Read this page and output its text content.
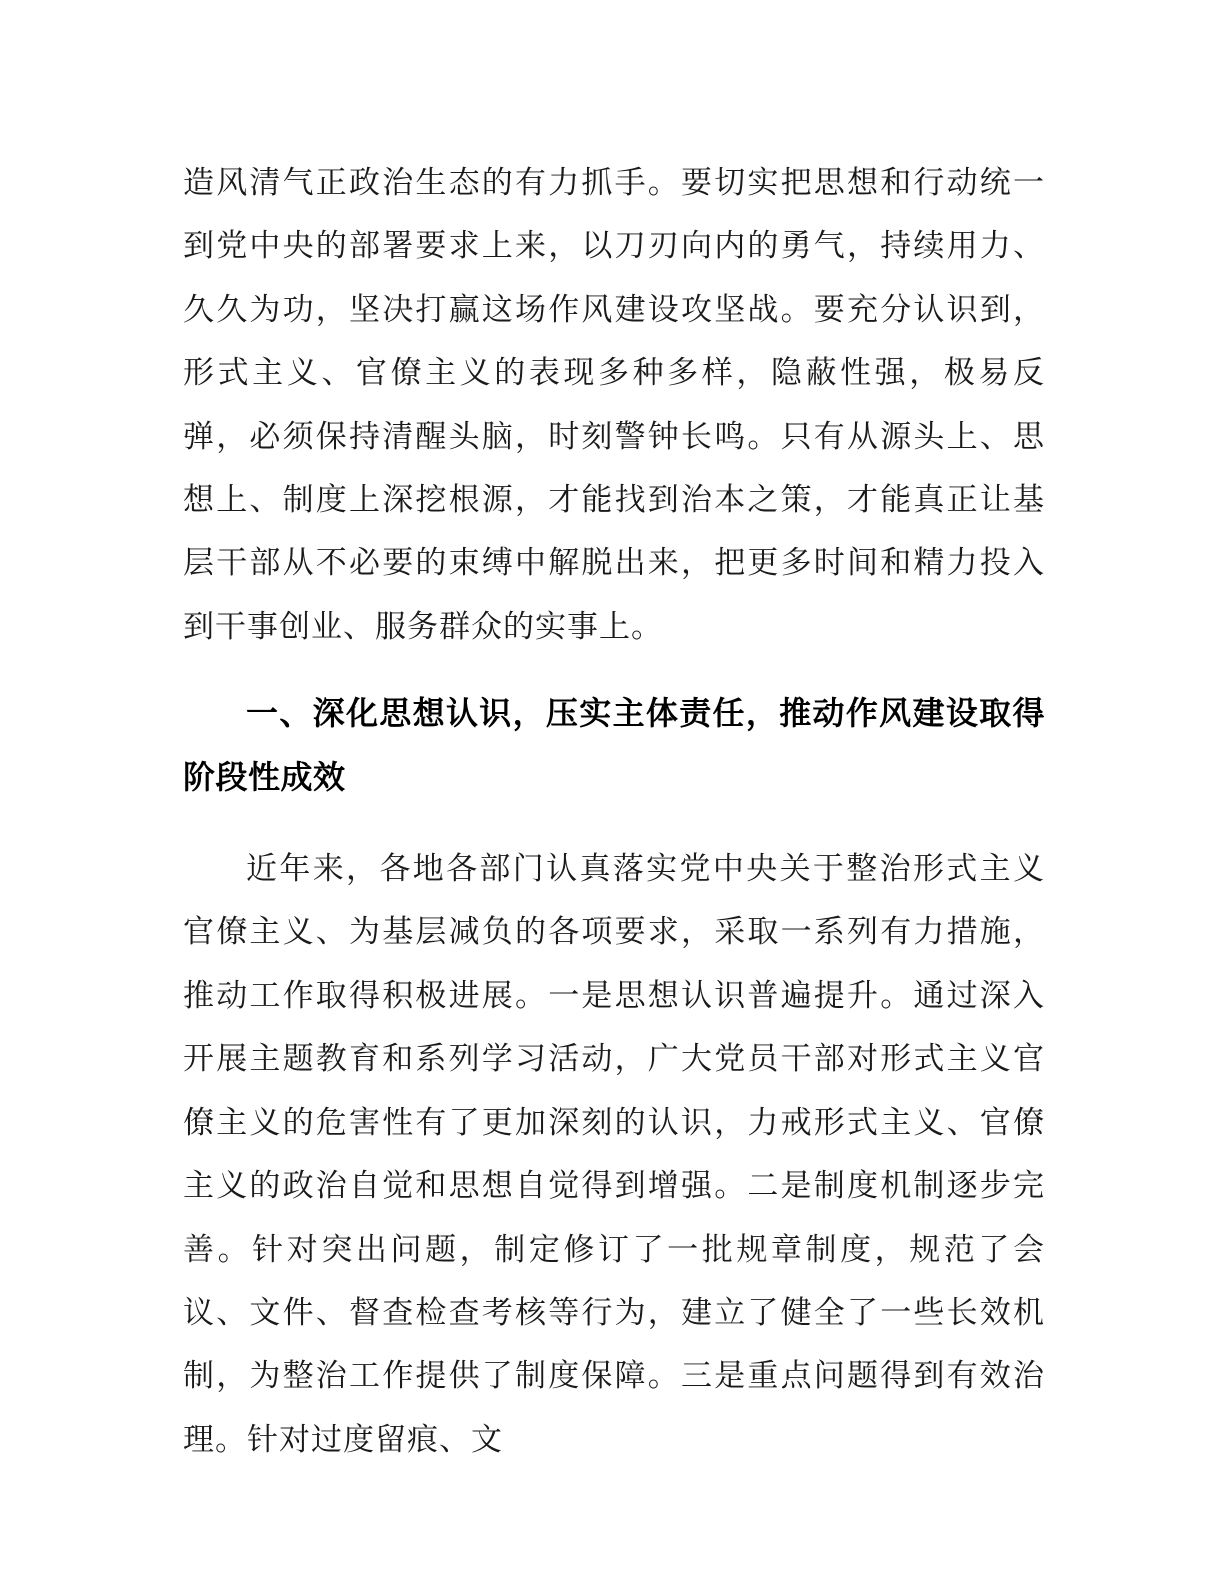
造风清气正政治生态的有力抓手。要切实把思想和行动统一到党中央的部署要求上来，以刀刃向内的勇气，持续用力、久久为功，坚决打赢这场作风建设攻坚战。要充分认识到，形式主义、官僚主义的表现多种多样，隐蔽性强，极易反弹，必须保持清醒头脑，时刻警钟长鸣。只有从源头上、思想上、制度上深挖根源，才能找到治本之策，才能真正让基层干部从不必要的束缚中解脱出来，把更多时间和精力投入到干事创业、服务群众的实事上。

一、深化思想认识，压实主体责任，推动作风建设取得阶段性成效

近年来，各地各部门认真落实党中央关于整治形式主义官僚主义、为基层减负的各项要求，采取一系列有力措施，推动工作取得积极进展。一是思想认识普遍提升。通过深入开展主题教育和系列学习活动，广大党员干部对形式主义官僚主义的危害性有了更加深刻的认识，力戒形式主义、官僚主义的政治自觉和思想自觉得到增强。二是制度机制逐步完善。针对突出问题，制定修订了一批规章制度，规范了会议、文件、督查检查考核等行为，建立了健全了一些长效机制，为整治工作提供了制度保障。三是重点问题得到有效治理。针对过度留痕、文
